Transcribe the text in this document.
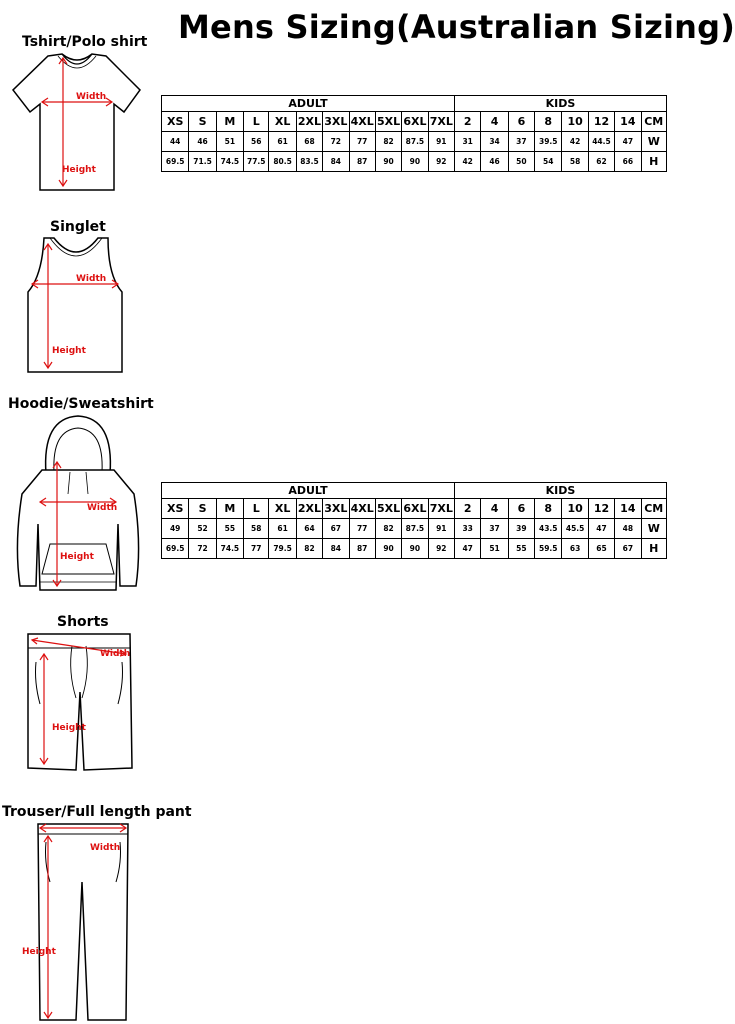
Mens Sizing(Australian Sizing)
Tshirt/Polo shirt
Width
Height
Singlet
Width
Height
Hoodie/Sweatshirt
Width
Height
Shorts
Width
Height
Trouser/Full length pant
Width
Height
ADULT											KIDS							
XS	S	M	L	XL	2XL	3XL	4XL	5XL	6XL	7XL	2	4	6	8	10	12	14	CM
44	46	51	56	61	68	72	77	82	87.5	91	31	34	37	39.5	42	44.5	47	W
69.5	71.5	74.5	77.5	80.5	83.5	84	87	90	90	92	42	46	50	54	58	62	66	H
ADULT											KIDS							
XS	S	M	L	XL	2XL	3XL	4XL	5XL	6XL	7XL	2	4	6	8	10	12	14	CM
49	52	55	58	61	64	67	77	82	87.5	91	33	37	39	43.5	45.5	47	48	W
69.5	72	74.5	77	79.5	82	84	87	90	90	92	47	51	55	59.5	63	65	67	H
